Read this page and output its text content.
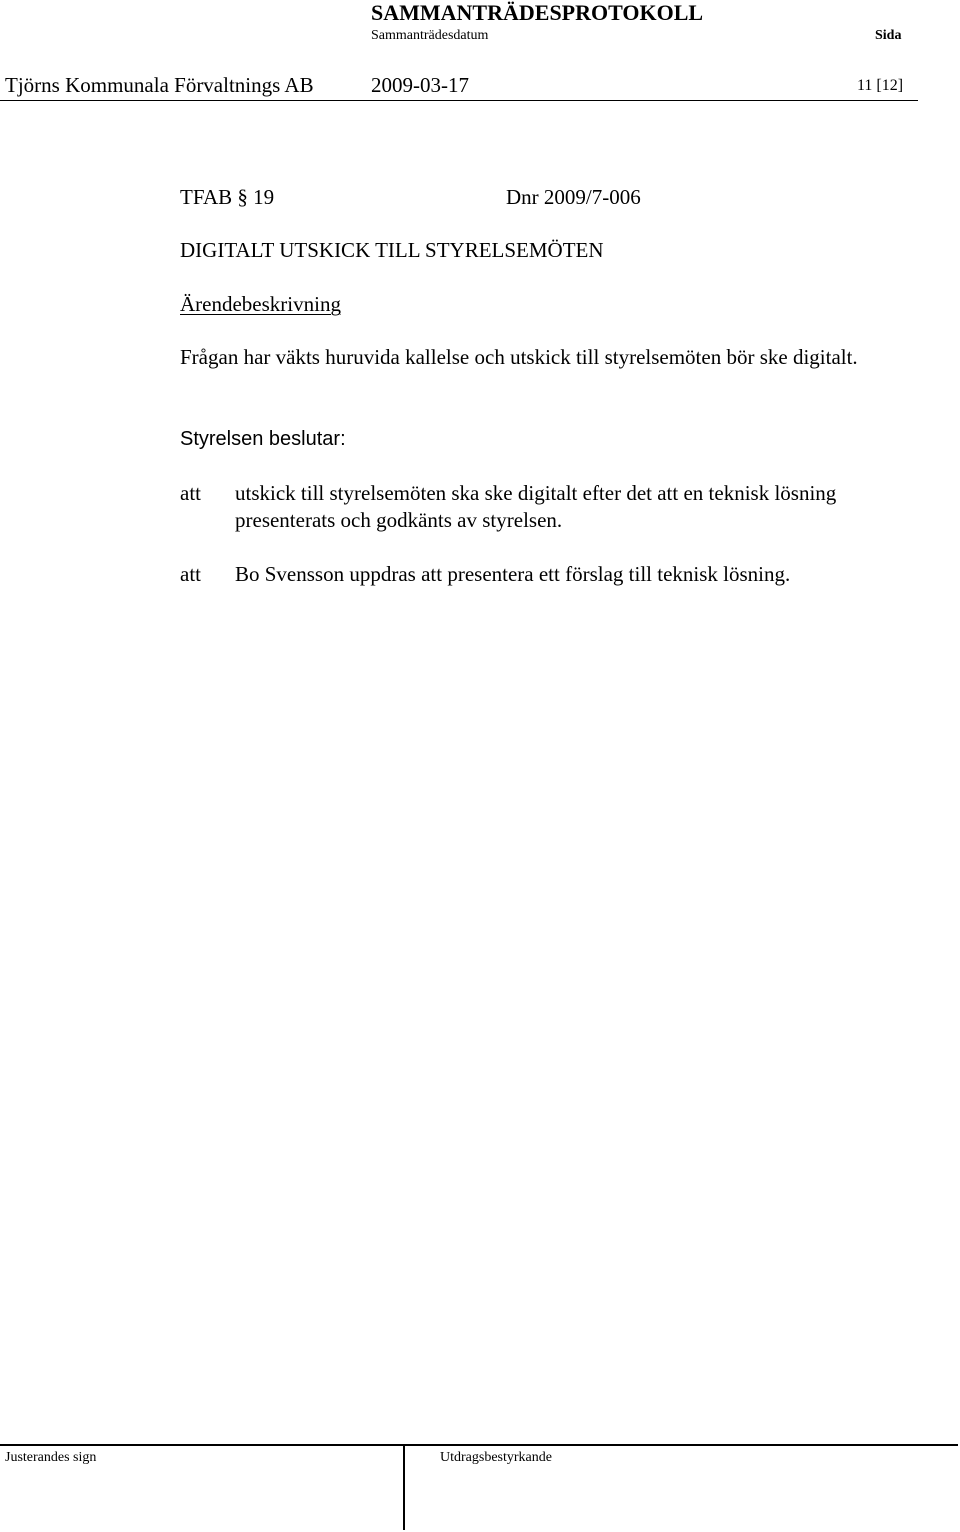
SAMMANTRÄDESPROTOKOLL
Sammanträdesdatum	Sida
Tjörns Kommunala Förvaltnings AB	2009-03-17	11 [12]
TFAB § 19	Dnr 2009/7-006
DIGITALT UTSKICK TILL STYRELSEMÖTEN
Ärendebeskrivning
Frågan har väkts huruvida kallelse och utskick till styrelsemöten bör ske digitalt.
Styrelsen beslutar:
att utskick till styrelsemöten ska ske digitalt efter det att en teknisk lösning
presenterats och godkänts av styrelsen.
att Bo Svensson uppdras att presentera ett förslag till teknisk lösning.
Justerandes sign	Utdragsbestyrkande
